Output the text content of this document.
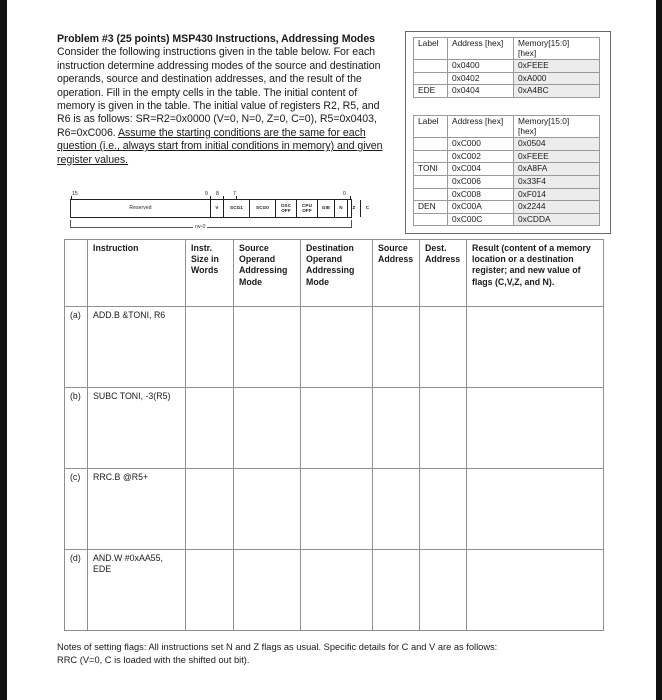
Problem #3 (25 points) MSP430 Instructions, Addressing Modes Consider the following instructions given in the table below. For each instruction determine addressing modes of the source and destination operands, source and destination addresses, and the result of the operation. Fill in the empty cells in the table. The initial content of memory is given in the table. The initial value of registers R2, R5, and R6 is as follows: SR=R2=0x0000 (V=0, N=0, Z=0, C=0), R5=0x0403, R6=0xC006. Assume the starting conditions are the same for each question (i.e., always start from initial conditions in memory) and given register values.
Label	Address [hex]	Memory[15:0]
[hex]
	0x0400	0xFEEE
	0x0402	0xA000
EDE	0x0404	0xA4BC
Label	Address [hex]	Memory[15:0]
[hex]
	0xC000	0x0504
	0xC002	0xFEEE
TONI	0xC004	0xA8FA
	0xC006	0x33F4
	0xC008	0xF014
DEN	0xC00A	0x2244
	0xC00C	0xCDDA
15	9 8	7	0
Reserved	V	SCG1	SCG0	OSC
OFF
CPU
OFF	GIE	N	Z	C
rw-0
	Instruction	Instr. Size in Words	Source Operand Addressing Mode	Destination Operand Addressing Mode	Source Address	Dest. Address	Result (content of a memory location or a destination register; and new value of flags (C,V,Z, and N).
(a)	ADD.B &TONI, R6						
(b)	SUBC TONI, -3(R5)						
(c)	RRC.B @R5+						
(d)	AND.W #0xAA55, EDE						
Notes of setting flags: All instructions set N and Z flags as usual. Specific details for C and V are as follows:
RRC (V=0, C is loaded with the shifted out bit).
